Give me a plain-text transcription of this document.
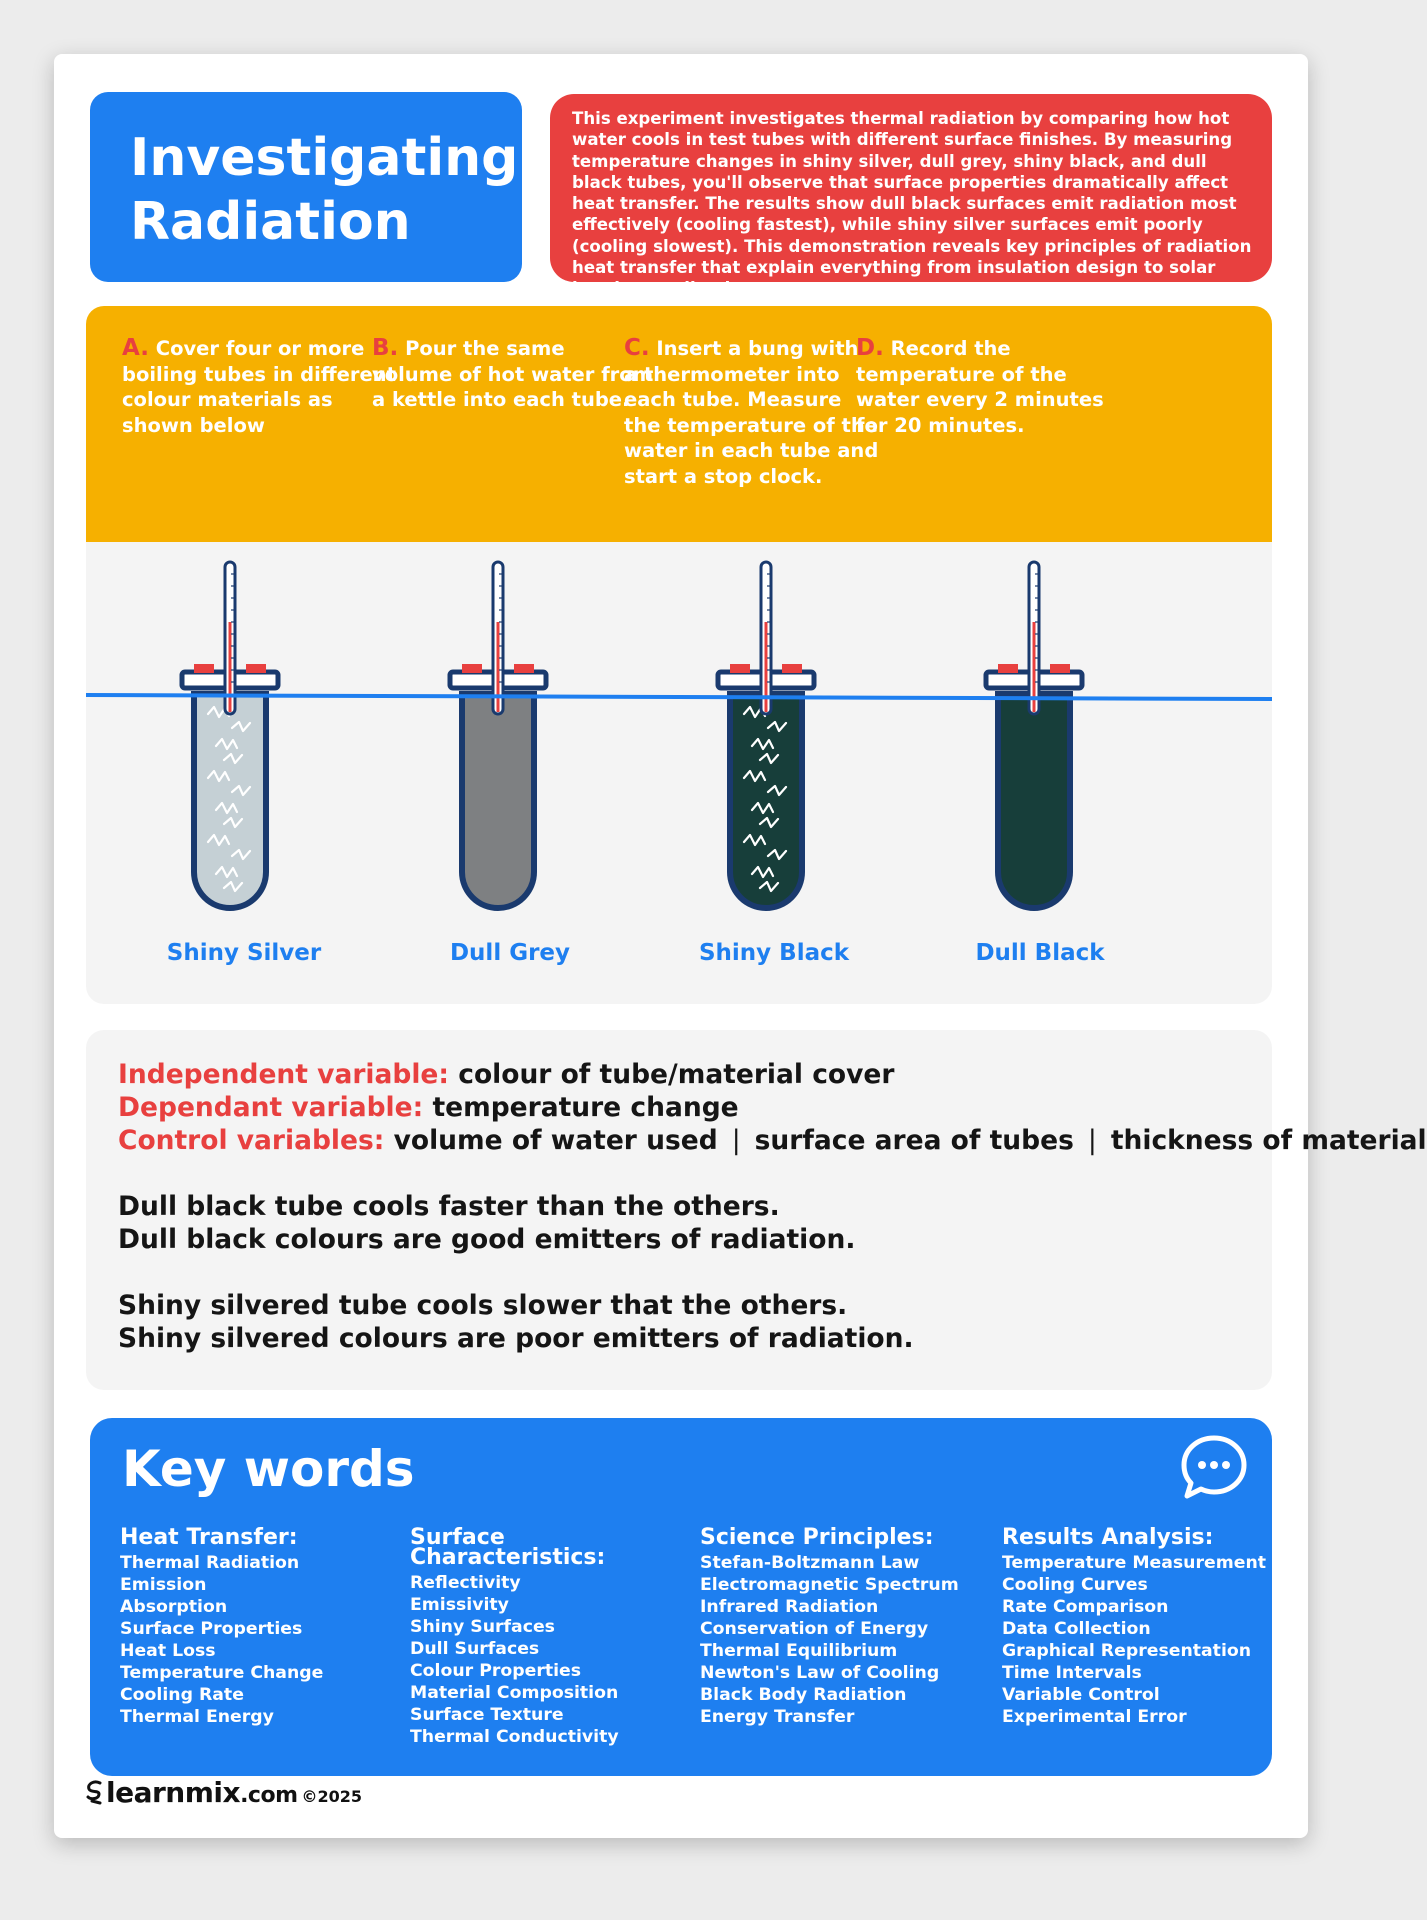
Investigating
Radiation
This experiment investigates thermal radiation by comparing how hot water cools in test tubes with different surface finishes. By measuring temperature changes in shiny silver, dull grey, shiny black, and dull black tubes, you'll observe that surface properties dramatically affect heat transfer. The results show dull black surfaces emit radiation most effectively (cooling fastest), while shiny silver surfaces emit poorly (cooling slowest). This demonstration reveals key principles of radiation heat transfer that explain everything from insulation design to solar heating applications.
A. Cover four or more
boiling tubes in different
colour materials as
shown below
B. Pour the same
volume of hot water from
a kettle into each tube.
C. Insert a bung with
a thermometer into
each tube. Measure
the temperature of the
water in each tube and
start a stop clock.
D. Record the
temperature of the
water every 2 minutes
for 20 minutes.
Shiny Silver	Dull Grey	Shiny Black	Dull Black
Independent variable: colour of tube/material cover
Dependant variable: temperature change
Control variables: volume of water used | surface area of tubes | thickness of material
Dull black tube cools faster than the others.
Dull black colours are good emitters of radiation.
Shiny silvered tube cools slower that the others.
Shiny silvered colours are poor emitters of radiation.
Key words
Heat Transfer:
Thermal Radiation
Emission
Absorption
Surface Properties
Heat Loss
Temperature Change
Cooling Rate
Thermal Energy
Surface
Characteristics:
Reflectivity
Emissivity
Shiny Surfaces
Dull Surfaces
Colour Properties
Material Composition
Surface Texture
Thermal Conductivity
Science Principles:
Stefan-Boltzmann Law
Electromagnetic Spectrum
Infrared Radiation
Conservation of Energy
Thermal Equilibrium
Newton's Law of Cooling
Black Body Radiation
Energy Transfer
Results Analysis:
Temperature Measurement
Cooling Curves
Rate Comparison
Data Collection
Graphical Representation
Time Intervals
Variable Control
Experimental Error
learnmix.com ©2025
